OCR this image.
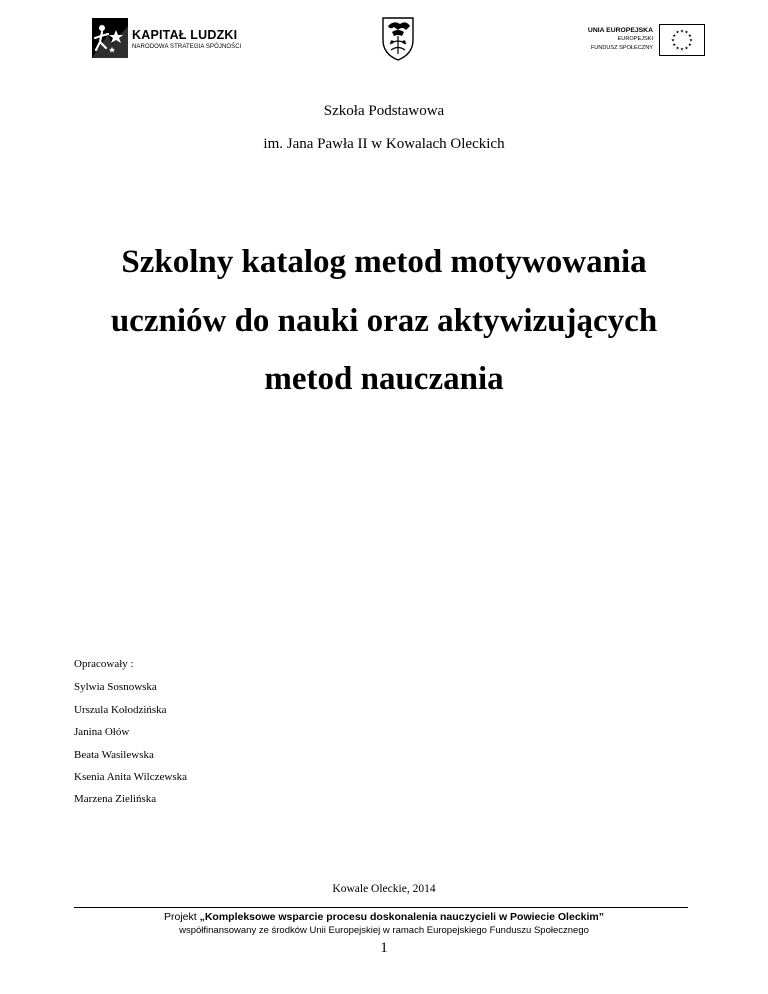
KAPITAŁ LUDZKI
NARODOWA STRATEGIA SPÓJNOŚCI
UNIA EUROPEJSKA
EUROPEJSKI
FUNDUSZ SPOŁECZNY
★ ★
★
★
★
★
★
★
★
★
★
★
Szkoła Podstawowa
im. Jana Pawła II w Kowalach Oleckich
Szkolny katalog metod motywowania
uczniów do nauki oraz aktywizujących
metod nauczania
Opracowały :
Sylwia Sosnowska
Urszula Kołodzińska
Janina Ołów
Beata Wasilewska
Ksenia Anita Wilczewska
Marzena Zielińska
Kowale Oleckie, 2014
Projekt „Kompleksowe wsparcie procesu doskonalenia nauczycieli w Powiecie Oleckim”
współfinansowany ze środków Unii Europejskiej w ramach Europejskiego Funduszu Społecznego
1
